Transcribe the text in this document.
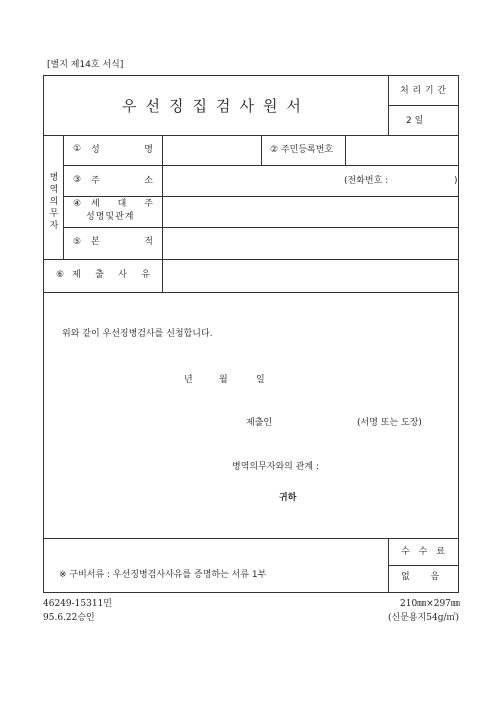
[별지 제14호 서식]
우선징집검사원서
처 리 기 간
2 일
병역
의무
자
① 성	명	② 주민등록번호
③ 주	소	(전화번호 :	)
④ 세 대 주
성명및관계
⑤ 본	적
⑥ 제 출 사 유
위와 같이 우선징병검사를 신청합니다.
년	월	일
제출인	(서명 또는 도장)
병역의무자와의 관계 :
귀하
※ 구비서류 : 우선징병검사사유를 증명하는 서류 1부
수 수 료
없 음
46249-15311민
95.6.22승인
210㎜×297㎜
(신문용지54g/㎡)
